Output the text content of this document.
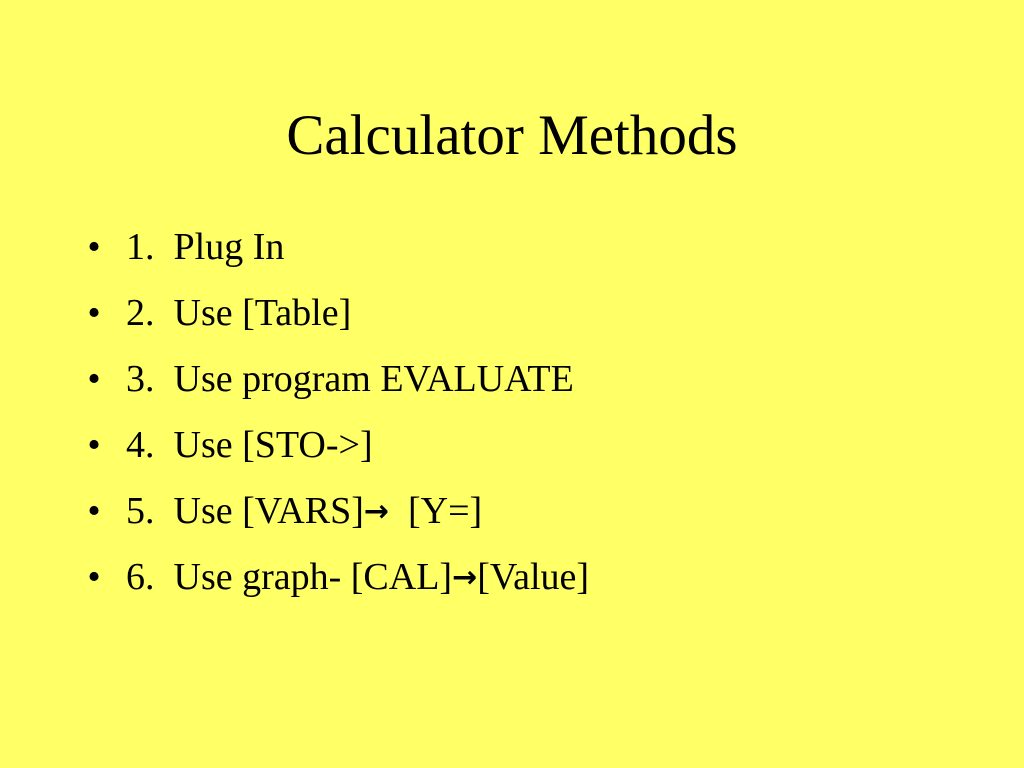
Calculator Methods
• 1.  Plug In
• 2.  Use [Table]
• 3.  Use program EVALUATE
• 4.  Use [STO->]
• 5.  Use [VARS]→  [Y=]
• 6.  Use graph- [CAL]→[Value]
